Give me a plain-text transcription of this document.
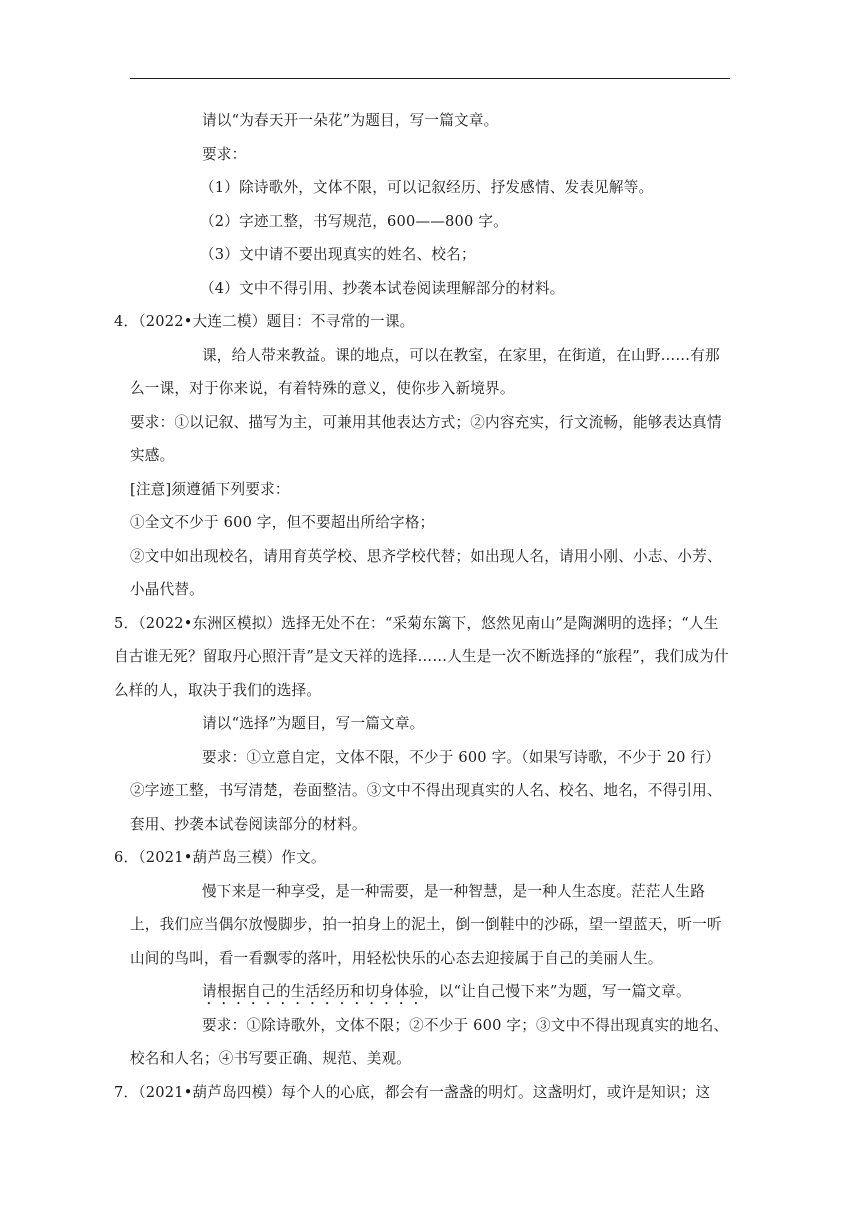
请以“为春天开一朵花”为题目，写一篇文章。

要求：

（1）除诗歌外，文体不限，可以记叙经历、抒发感情、发表见解等。

（2）字迹工整，书写规范，600——800 字。

（3）文中请不要出现真实的姓名、校名；

（4）文中不得引用、抄袭本试卷阅读理解部分的材料。

4．（2022•大连二模）题目：不寻常的一课。

课，给人带来教益。课的地点，可以在教室，在家里，在街道，在山野……有那么一课，对于你来说，有着特殊的意义，使你步入新境界。

要求：①以记叙、描写为主，可兼用其他表达方式；②内容充实，行文流畅，能够表达真情实感。

[注意]须遵循下列要求：

①全文不少于 600 字，但不要超出所给字格；

②文中如出现校名，请用育英学校、思齐学校代替；如出现人名，请用小刚、小志、小芳、小晶代替。

5．（2022•东洲区模拟）选择无处不在：“采菊东篱下，悠然见南山”是陶渊明的选择；“人生自古谁无死？留取丹心照汗青”是文天祥的选择……人生是一次不断选择的“旅程”，我们成为什么样的人，取决于我们的选择。

请以“选择”为题目，写一篇文章。

要求：①立意自定，文体不限，不少于 600 字。（如果写诗歌，不少于 20 行）②字迹工整，书写清楚，卷面整洁。③文中不得出现真实的人名、校名、地名，不得引用、套用、抄袭本试卷阅读部分的材料。

6．（2021•葫芦岛三模）作文。

慢下来是一种享受，是一种需要，是一种智慧，是一种人生态度。茫茫人生路上，我们应当偶尔放慢脚步，拍一拍身上的泥土，倒一倒鞋中的沙砾，望一望蓝天，听一听山间的鸟叫，看一看飘零的落叶，用轻松快乐的心态去迎接属于自己的美丽人生。

请根据自己的生活经历和切身体验，以“让自己慢下来”为题，写一篇文章。

要求：①除诗歌外，文体不限；②不少于 600 字；③文中不得出现真实的地名、校名和人名；④书写要正确、规范、美观。

7．（2021•葫芦岛四模）每个人的心底，都会有一盏盏的明灯。这盏明灯，或许是知识；这
